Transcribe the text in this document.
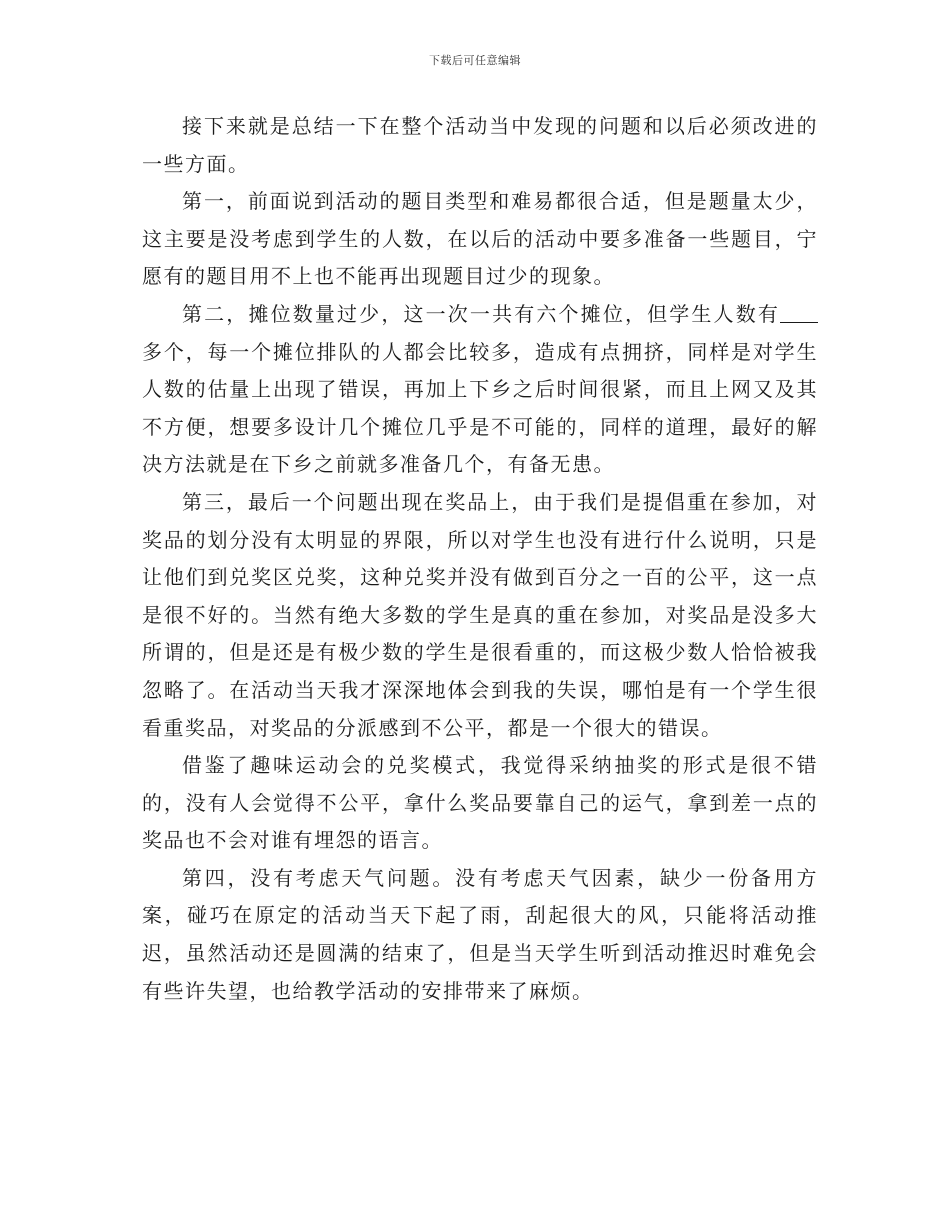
下载后可任意编辑

接下来就是总结一下在整个活动当中发现的问题和以后必须改进的一些方面。

第一，前面说到活动的题目类型和难易都很合适，但是题量太少，这主要是没考虑到学生的人数，在以后的活动中要多准备一些题目，宁愿有的题目用不上也不能再出现题目过少的现象。

第二，摊位数量过少，这一次一共有六个摊位，但学生人数有多个，每一个摊位排队的人都会比较多，造成有点拥挤，同样是对学生人数的估量上出现了错误，再加上下乡之后时间很紧，而且上网又及其不方便，想要多设计几个摊位几乎是不可能的，同样的道理，最好的解决方法就是在下乡之前就多准备几个，有备无患。

第三，最后一个问题出现在奖品上，由于我们是提倡重在参加，对奖品的划分没有太明显的界限，所以对学生也没有进行什么说明，只是让他们到兑奖区兑奖，这种兑奖并没有做到百分之一百的公平，这一点是很不好的。当然有绝大多数的学生是真的重在参加，对奖品是没多大所谓的，但是还是有极少数的学生是很看重的，而这极少数人恰恰被我忽略了。在活动当天我才深深地体会到我的失误，哪怕是有一个学生很看重奖品，对奖品的分派感到不公平，都是一个很大的错误。

借鉴了趣味运动会的兑奖模式，我觉得采纳抽奖的形式是很不错的，没有人会觉得不公平，拿什么奖品要靠自己的运气，拿到差一点的奖品也不会对谁有埋怨的语言。

第四，没有考虑天气问题。没有考虑天气因素，缺少一份备用方案，碰巧在原定的活动当天下起了雨，刮起很大的风，只能将活动推迟，虽然活动还是圆满的结束了，但是当天学生听到活动推迟时难免会有些许失望，也给教学活动的安排带来了麻烦。
